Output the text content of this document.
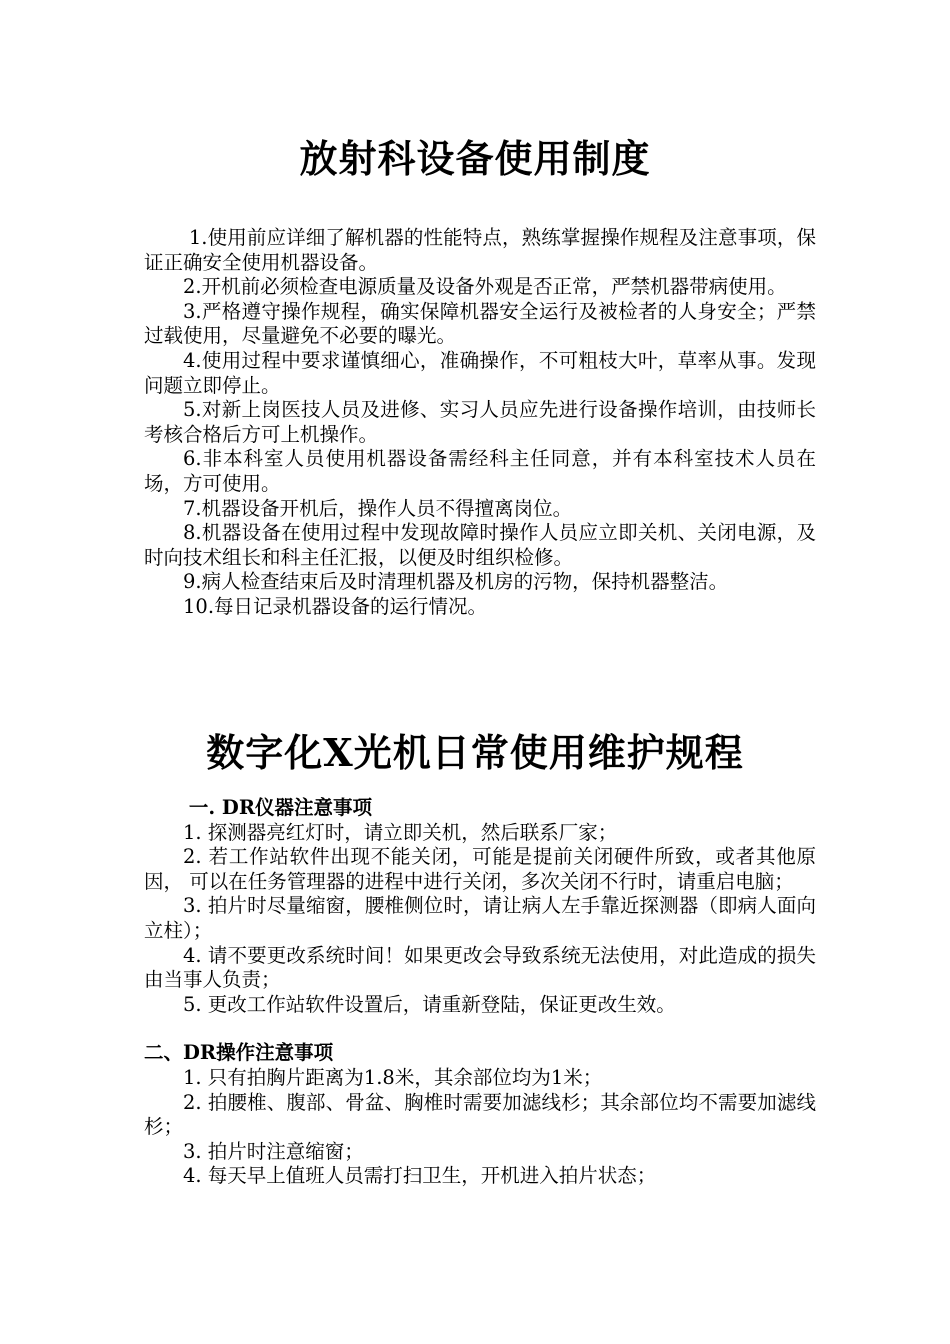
放射科设备使用制度

1.使用前应详细了解机器的性能特点，熟练掌握操作规程及注意事项，保证正确安全使用机器设备。

2.开机前必须检查电源质量及设备外观是否正常，严禁机器带病使用。

3.严格遵守操作规程，确实保障机器安全运行及被检者的人身安全；严禁过载使用，尽量避免不必要的曝光。

4.使用过程中要求谨慎细心，准确操作，不可粗枝大叶，草率从事。发现问题立即停止。

5.对新上岗医技人员及进修、实习人员应先进行设备操作培训，由技师长考核合格后方可上机操作。

6.非本科室人员使用机器设备需经科主任同意，并有本科室技术人员在场，方可使用。

7.机器设备开机后，操作人员不得擅离岗位。

8.机器设备在使用过程中发现故障时操作人员应立即关机、关闭电源，及时向技术组长和科主任汇报，以便及时组织检修。

9.病人检查结束后及时清理机器及机房的污物，保持机器整洁。

10.每日记录机器设备的运行情况。

数字化X光机日常使用维护规程

一. DR仪器注意事项

1. 探测器亮红灯时，请立即关机，然后联系厂家；

2. 若工作站软件出现不能关闭，可能是提前关闭硬件所致，或者其他原因， 可以在任务管理器的进程中进行关闭，多次关闭不行时，请重启电脑；

3. 拍片时尽量缩窗，腰椎侧位时，请让病人左手靠近探测器（即病人面向立柱）；

4. 请不要更改系统时间！如果更改会导致系统无法使用，对此造成的损失由当事人负责；

5. 更改工作站软件设置后，请重新登陆，保证更改生效。

二、DR操作注意事项

1. 只有拍胸片距离为1.8米，其余部位均为1米；

2. 拍腰椎、腹部、骨盆、胸椎时需要加滤线杉；其余部位均不需要加滤线杉；

3. 拍片时注意缩窗；

4. 每天早上值班人员需打扫卫生，开机进入拍片状态；
